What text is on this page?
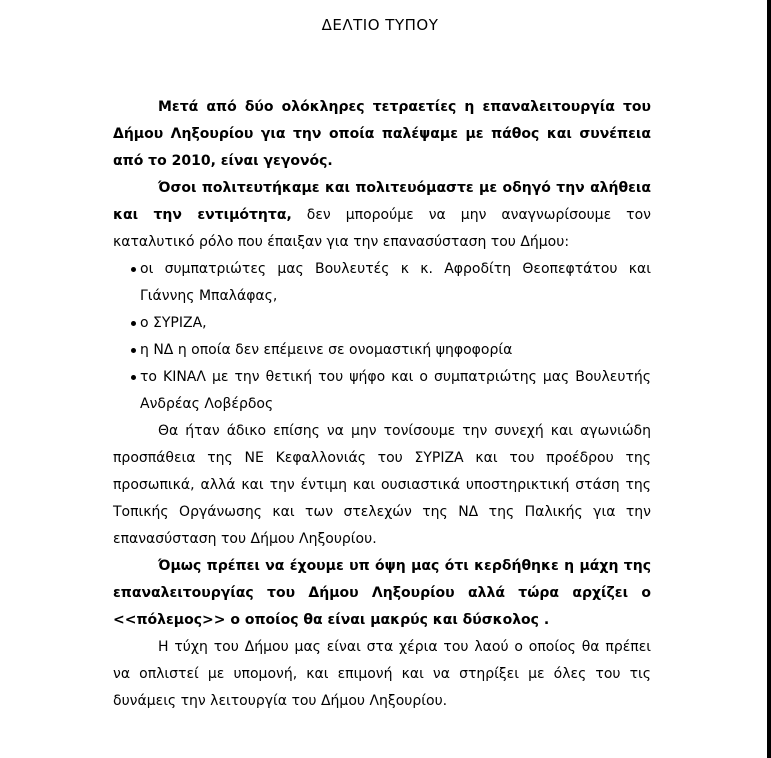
ΔΕΛΤΙΟ ΤΥΠΟΥ

Μετά από δύο ολόκληρες τετραετίες η επαναλειτουργία του Δήμου Ληξουρίου για την οποία παλέψαμε με πάθος και συνέπεια από το 2010, είναι γεγονός.

Όσοι πολιτευτήκαμε και πολιτευόμαστε με οδηγό την αλήθεια και την εντιμότητα, δεν μπορούμε να μην αναγνωρίσουμε τον καταλυτικό ρόλο που έπαιξαν για την επανασύσταση του Δήμου:

οι συμπατριώτες μας Βουλευτές κ κ. Αφροδίτη Θεοπεφτάτου και Γιάννης Μπαλάφας,
ο ΣΥΡΙΖΑ,
η ΝΔ η οποία δεν επέμεινε σε ονομαστική ψηφοφορία
το ΚΙΝΑΛ με την θετική του ψήφο και ο συμπατριώτης μας Βουλευτής Ανδρέας Λοβέρδος

Θα ήταν άδικο επίσης να μην τονίσουμε την συνεχή και αγωνιώδη προσπάθεια της ΝΕ Κεφαλλονιάς του ΣΥΡΙΖΑ και του προέδρου της προσωπικά, αλλά και την έντιμη και ουσιαστικά υποστηρικτική στάση της Τοπικής Οργάνωσης και των στελεχών της ΝΔ της Παλικής για την επανασύσταση του Δήμου Ληξουρίου.

Όμως πρέπει να έχουμε υπ όψη μας ότι κερδήθηκε η μάχη της επαναλειτουργίας του Δήμου Ληξουρίου αλλά τώρα αρχίζει ο <<πόλεμος>> ο οποίος θα είναι μακρύς και δύσκολος .

Η τύχη του Δήμου μας είναι στα χέρια του λαού ο οποίος θα πρέπει να οπλιστεί με υπομονή, και επιμονή και να στηρίξει με όλες του τις δυνάμεις την λειτουργία του Δήμου Ληξουρίου.
